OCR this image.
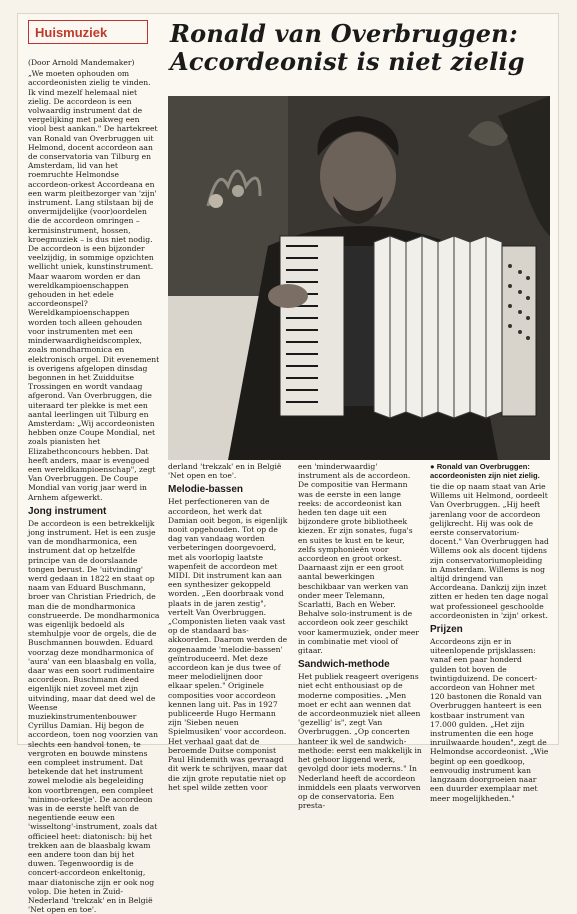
Huismuziek	Ronald van Overbruggen:
Accordeonist is niet zielig

(Door Arnold Mandemaker)

„We moeten ophouden om accordeonisten zielig te vinden. Ik vind mezelf helemaal niet zielig. De accordeon is een volwaardig instrument dat de vergelijking met pakweg een viool best aankan." De hartekreet van Ronald van Overbruggen uit Helmond, docent accordeon aan de conservatoria van Tilburg en Amsterdam, lid van het roemruchte Helmondse accordeon-orkest Accordeana en een warm pleitbezorger van 'zijn' instrument. Lang stilstaan bij de onvermijdelijke (voor)oordelen die de accordeon omringen – kermisinstrument, hossen, kroegmuziek – is dus niet nodig. De accordeon is een bijzonder veelzijdig, in sommige opzichten wellicht uniek, kunstinstrument. Maar waarom worden er dan wereldkampioenschappen gehouden in het edele accordeonspel? Wereldkampioenschappen worden toch alleen gehouden voor instrumenten met een minderwaardigheidscomplex, zoals mondharmonica en elektronisch orgel. Dit evenement is overigens afgelopen dinsdag begonnen in het Zuidduitse Trossingen en wordt vandaag afgerond. Van Overbruggen, die uiteraard ter plekke is met een aantal leerlingen uit Tilburg en Amsterdam: „Wij accordeonisten hebben onze Coupe Mondial, net zoals pianisten het Elizabethconcours hebben. Dat heeft anders, maar is evengoed een wereldkampioenschap", zegt Van Overbruggen. De Coupe Mondial van vorig jaar werd in Arnhem afgewerkt.

Jong instrument

De accordeon is een betrekkelijk jong instrument. Het is een zusje van de mondharmonica, een instrument dat op hetzelfde principe van de doorslaande tongen berust. De 'uitvinding' werd gedaan in 1822 en staat op naam van Eduard Buschmann, broer van Christian Friedrich, de man die de mondharmonica construeerde. De mondharmonica was eigenlijk bedoeld als stemhulpje voor de orgels, die de Buschmannen bouwden. Eduard voorzag deze mondharmonica of 'aura' van een blaasbalg en volla, daar was een soort rudimentaire accordeon. Buschmann deed eigenlijk niet zoveel met zijn uitvinding, maar dat deed wel de Weense muziekinstrumentenbouwer Cyrillus Damian. Hij begon de accordeon, toen nog voorzien van slechts een handvol tonen, te vergroten en bouwde minstens een compleet instrument. Dat betekende dat het instrument zowel melodie als begeleiding kon voortbrengen, een compleet 'minimo-orkestje'. De accordeon was in de eerste helft van de negentiende eeuw een 'wisseltong'-instrument, zoals dat officieel heet: diatonisch: bij het trekken aan de blaasbalg kwam een andere toon dan bij het duwen. Tegenwoordig is de concert-accordeon enkeltonig, maar diatonische zijn er ook nog volop. Die heten in Zuid-Nederland 'trekzak' en in België 'Net open en toe'.

derland 'trekzak' en in België 'Net open en toe'.

Melodie-bassen

Het perfectioneren van de accordeon, het werk dat Damian ooit begon, is eigenlijk nooit opgehouden. Tot op de dag van vandaag worden verbeteringen doorgevoerd, met als voorlopig laatste wapenfeit de accordeon met MIDI. Dit instrument kan aan een synthesizer gekoppeld worden. „Een doorbraak vond plaats in de jaren zestig", vertelt Van Overbruggen. „Componisten lieten vaak vast op de standaard bas-akkoorden. Daarom werden de zogenaamde 'melodie-bassen' geïntroduceerd. Met deze accordeon kan je dus twee of meer melodielijnen door elkaar spelen." Originele composities voor accordeon kennen lang uit. Pas in 1927 publiceerde Hugo Hermann zijn 'Sieben neuen Spielmusiken' voor accordeon. Het verhaal gaat dat de beroemde Duitse componist Paul Hindemith was gevraagd dit werk te schrijven, maar dat die zijn grote reputatie niet op het spel wilde zetten voor

een 'minderwaardig' instrument als de accordeon. De compositie van Hermann was de eerste in een lange reeks: de accordeonist kan heden ten dage uit een bijzondere grote bibliotheek kiezen. Er zijn sonates, fuga's en suites te kust en te keur, zelfs symphonieën voor accordeon en groot orkest. Daarnaast zijn er een groot aantal bewerkingen beschikbaar van werken van onder meer Telemann, Scarlatti, Bach en Weber. Behalve solo-instrument is de accordeon ook zeer geschikt voor kamermuziek, onder meer in combinatie met viool of gitaar.

Sandwich-methode

Het publiek reageert overigens niet echt enthousiast op de moderne composities. „Men moet er echt aan wennen dat de accordeonmuziek niet alleen 'gezellig' is", zegt Van Overbruggen. „Op concerten hanteer ik wel de sandwich-methode: eerst een makkelijk in het gehoor liggend werk, gevolgd door iets moderns." In Nederland heeft de accordeon inmiddels een plaats verworven op de conservatoria. Een presta-

● Ronald van Overbruggen: accordeonisten zijn niet zielig.

tie die op naam staat van Arie Willems uit Helmond, oordeelt Van Overbruggen. „Hij heeft jarenlang voor de accordeon gelijkrecht. Hij was ook de eerste conservatorium-docent." Van Overbruggen had Willems ook als docent tijdens zijn conservatoriumopleiding in Amsterdam. Willems is nog altijd dringend van Accordeana. Dankzij zijn inzet zitten er heden ten dage nogal wat professioneel geschoolde accordeonisten in 'zijn' orkest.

Prijzen

Accordeons zijn er in uiteenlopende prijsklassen: vanaf een paar honderd gulden tot boven de twintigduizend. De concert-accordeon van Hohner met 120 bastonen die Ronald van Overbruggen hanteert is een kostbaar instrument van 17.000 gulden. „Het zijn instrumenten die een hoge inruilwaarde houden", zegt de Helmondse accordeonist. „Wie begint op een goedkoop, eenvoudig instrument kan langzaam doorgroeien naar een duurder exemplaar met meer mogelijkheden."
